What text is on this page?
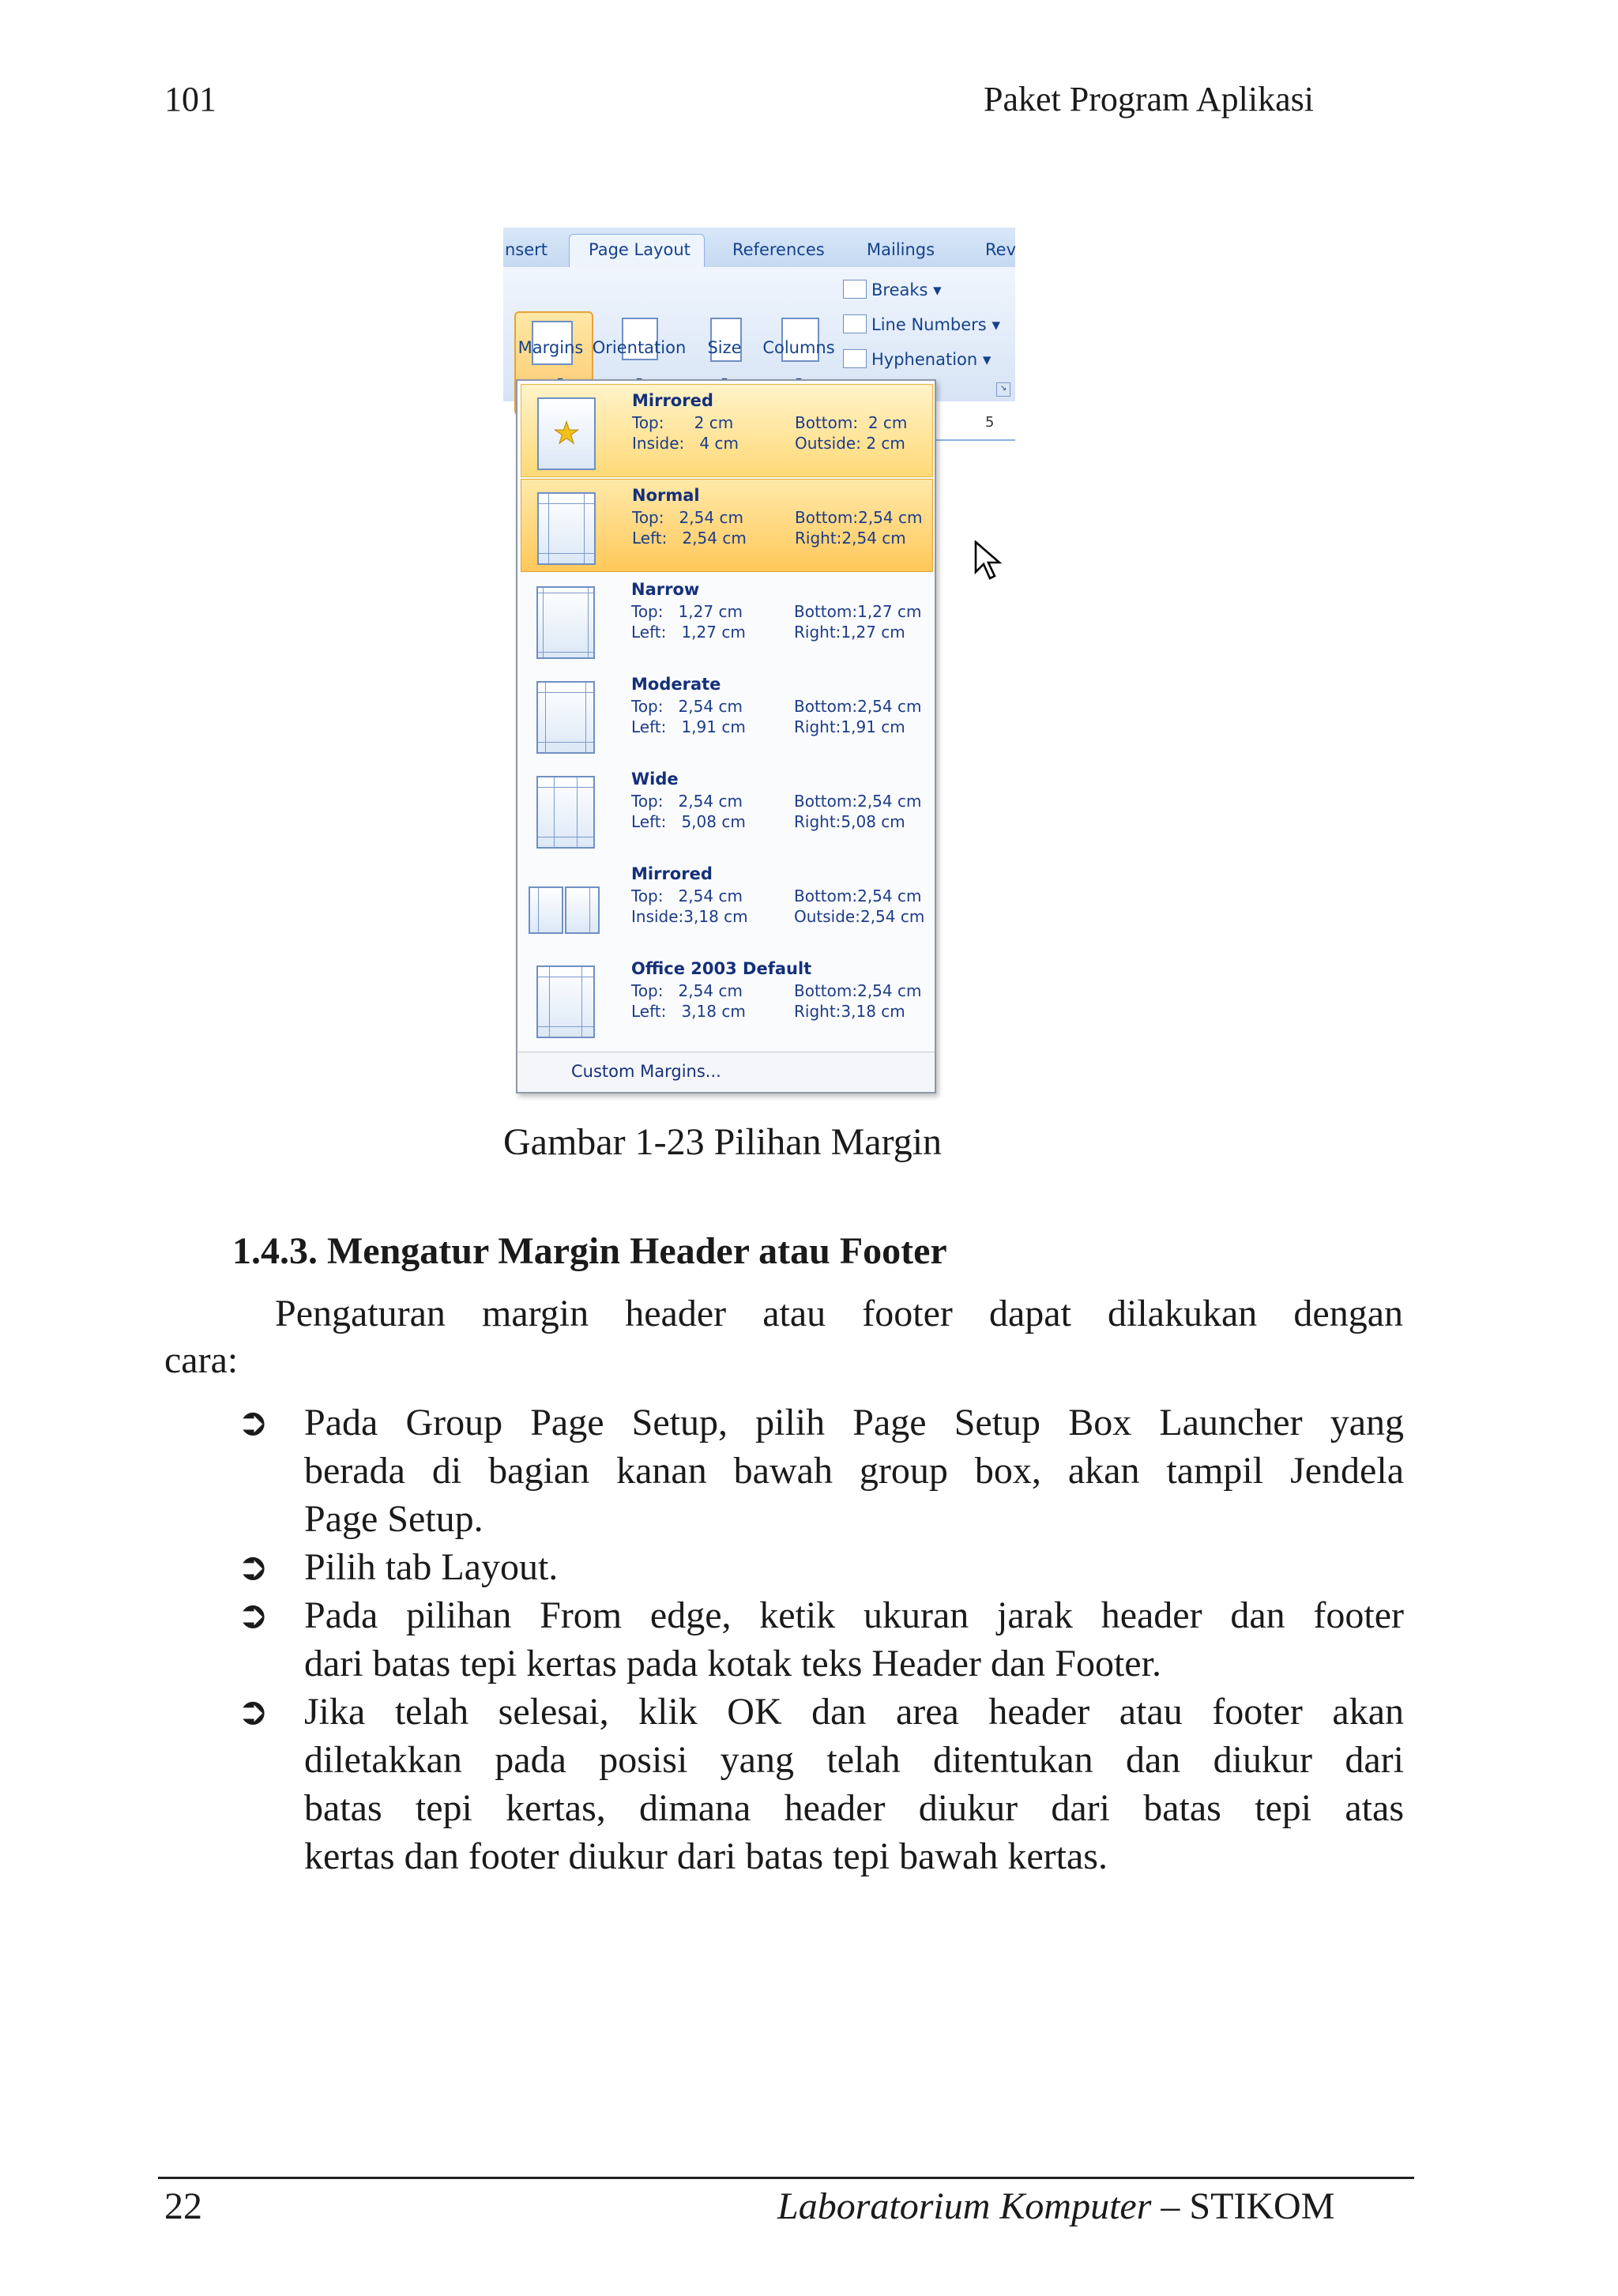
101	Paket Program Aplikasi
nsert Page Layout	References	Mailings	Rev
Margins Orientation	Size	Columns
Breaks ▾
Line Numbers ▾
Hyphenation ▾
↘
5
★
Mirrored
Top:      2 cm	Bottom:  2 cm
Inside:   4 cm	Outside: 2 cm
Normal
Top:   2,54 cm	Bottom:2,54 cm
Left:   2,54 cm	Right:2,54 cm
Narrow
Top:   1,27 cm	Bottom:1,27 cm
Left:   1,27 cm	Right:1,27 cm
Moderate
Top:   2,54 cm	Bottom:2,54 cm
Left:   1,91 cm	Right:1,91 cm
Wide
Top:   2,54 cm	Bottom:2,54 cm
Left:   5,08 cm	Right:5,08 cm
Mirrored
Top:   2,54 cm	Bottom:2,54 cm
Inside:3,18 cm	Outside:2,54 cm
Office 2003 Default
Top:   2,54 cm	Bottom:2,54 cm
Left:   3,18 cm	Right:3,18 cm
Custom Margins...
Gambar 1-23 Pilihan Margin
1.4.3. Mengatur Margin Header atau Footer
Pengaturan margin header atau footer dapat dilakukan dengan
cara:
➲ Pada Group Page Setup, pilih Page Setup Box Launcher yang
berada di bagian kanan bawah group box, akan tampil Jendela
Page Setup.
➲ Pilih tab Layout.
➲ Pada pilihan From edge, ketik ukuran jarak header dan footer
dari batas tepi kertas pada kotak teks Header dan Footer.
➲ Jika telah selesai, klik OK dan area header atau footer akan
diletakkan pada posisi yang telah ditentukan dan diukur dari
batas tepi kertas, dimana header diukur dari batas tepi atas
kertas dan footer diukur dari batas tepi bawah kertas.
22	Laboratorium Komputer – STIKOM
